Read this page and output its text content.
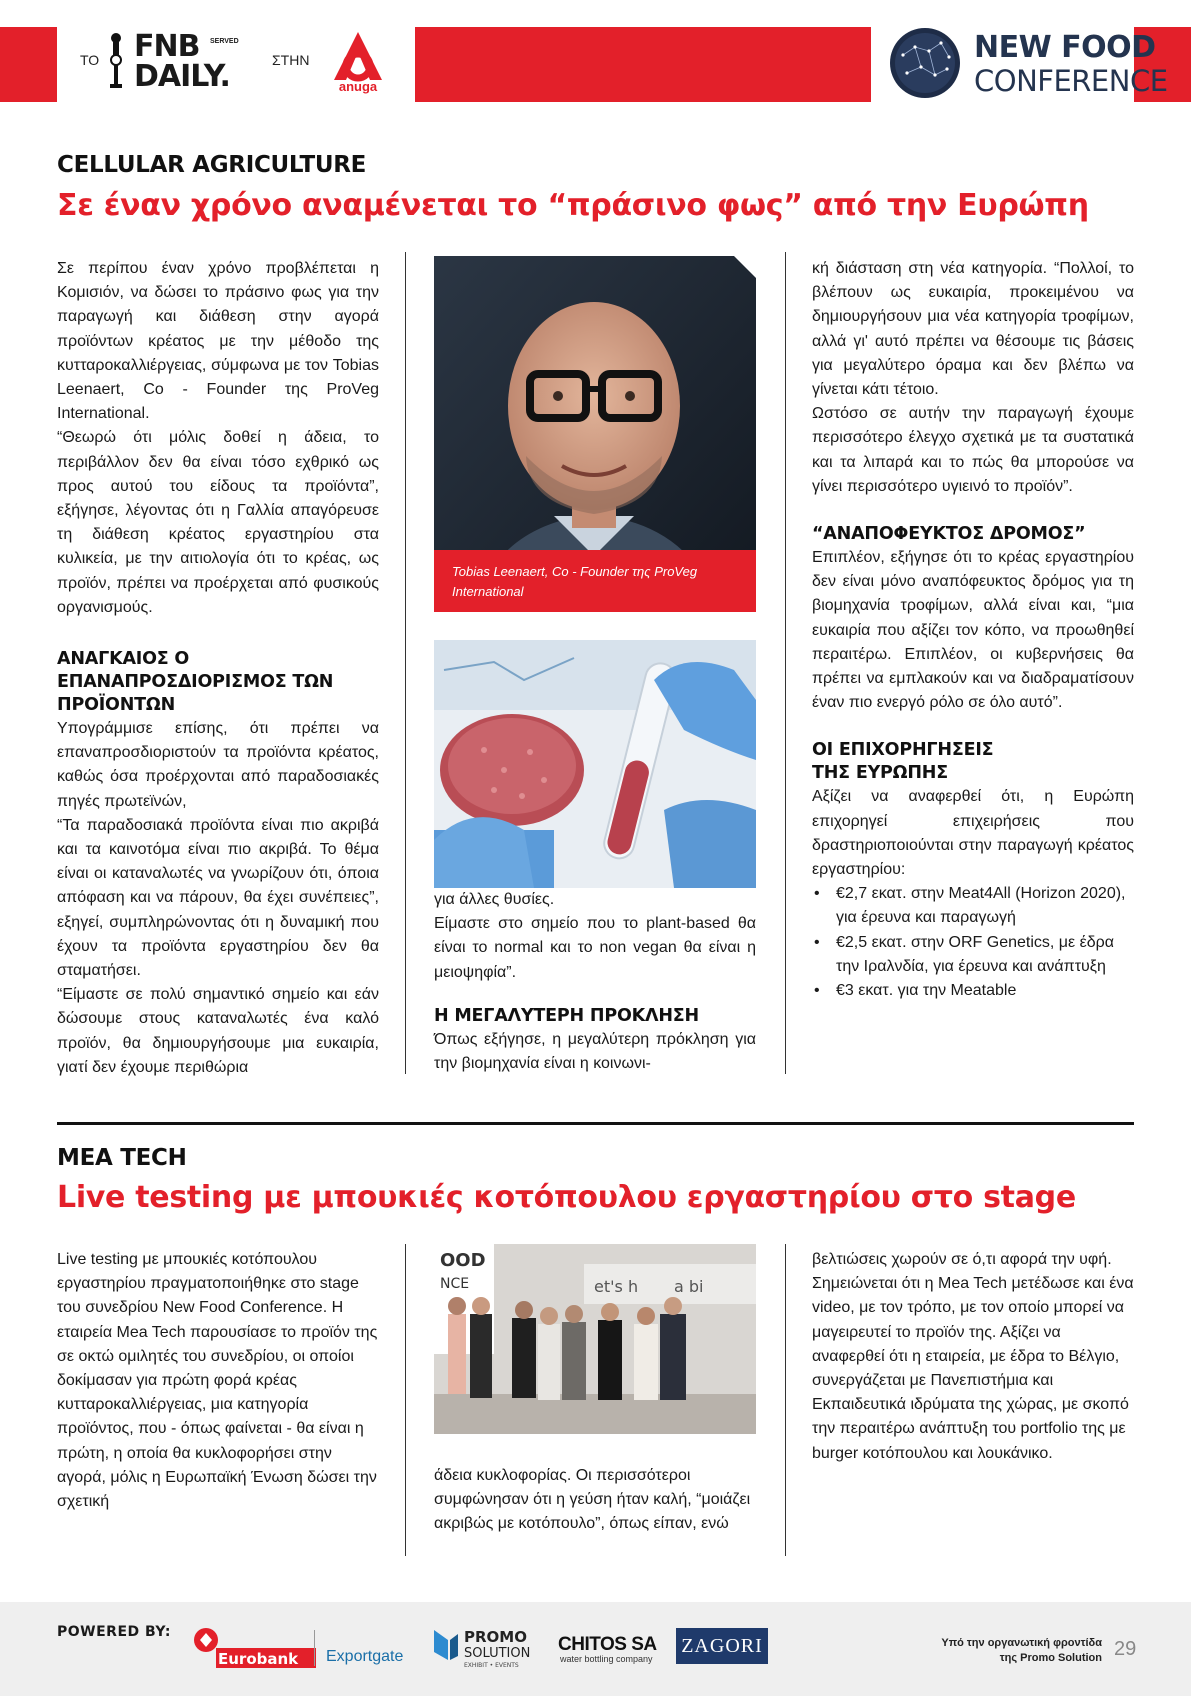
ΤΟ FNB SERVED
DAILY.	ΣΤΗΝ
anuga
NEW FOOD
CONFERENCE
CELLULAR AGRICULTURE
Σε έναν χρόνο αναμένεται το “πράσινο φως” από την Ευρώπη

Σε περίπου έναν χρόνο προβλέπεται η Κομισιόν, να δώσει το πράσινο φως για την παραγωγή και διάθεση στην αγορά προϊόντων κρέατος με την μέθοδο της κυτταροκαλλιέργειας, σύμφωνα με τον Tobias Leenaert, Co - Founder της ProVeg International.

“Θεωρώ ότι μόλις δοθεί η άδεια, το περιβάλλον δεν θα είναι τόσο εχθρικό ως προς αυτού του είδους τα προϊόντα”, εξήγησε, λέγοντας ότι η Γαλλία απαγόρευσε τη διάθεση κρέατος εργαστηρίου στα κυλικεία, με την αιτιολογία ότι το κρέας, ως προϊόν, πρέπει να προέρχεται από φυσικούς οργανισμούς.

ΑΝΑΓΚΑΙΟΣ Ο ΕΠΑΝΑΠΡΟΣΔΙΟΡΙΣΜΟΣ ΤΩΝ ΠΡΟΪΟΝΤΩΝ

Υπογράμμισε επίσης, ότι πρέπει να επαναπροσδιοριστούν τα προϊόντα κρέατος, καθώς όσα προέρχονται από παραδοσιακές πηγές πρωτεϊνών,

“Τα παραδοσιακά προϊόντα είναι πιο ακριβά και τα καινοτόμα είναι πιο ακριβά. Το θέμα είναι οι καταναλωτές να γνωρίζουν ότι, όποια απόφαση και να πάρουν, θα έχει συνέπειες”, εξηγεί, συμπληρώνοντας ότι η δυναμική που έχουν τα προϊόντα εργαστηρίου δεν θα σταματήσει.

“Είμαστε σε πολύ σημαντικό σημείο και εάν δώσουμε στους καταναλωτές ένα καλό προϊόν, θα δημιουργήσουμε μια ευκαιρία, γιατί δεν έχουμε περιθώρια

Tobias Leenaert, Co - Founder της ProVeg International

για άλλες θυσίες.

Είμαστε στο σημείο που το plant-based θα είναι το normal και το non vegan θα είναι η μειοψηφία”.

Η ΜΕΓΑΛΥΤΕΡΗ ΠΡΟΚΛΗΣΗ

Όπως εξήγησε, η μεγαλύτερη πρόκληση για την βιομηχανία είναι η κοινωνι-

κή διάσταση στη νέα κατηγορία. “Πολλοί, το βλέπουν ως ευκαιρία, προκειμένου να δημιουργήσουν μια νέα κατηγορία τροφίμων, αλλά γι' αυτό πρέπει να θέσουμε τις βάσεις για μεγαλύτερο όραμα και δεν βλέπω να γίνεται κάτι τέτοιο.

Ωστόσο σε αυτήν την παραγωγή έχουμε περισσότερο έλεγχο σχετικά με τα συστατικά και τα λιπαρά και το πώς θα μπορούσε να γίνει περισσότερο υγιεινό το προϊόν”.

“ΑΝΑΠΟΦΕΥΚΤΟΣ ΔΡΟΜΟΣ”

Επιπλέον, εξήγησε ότι το κρέας εργαστηρίου δεν είναι μόνο αναπόφευκτος δρόμος για τη βιομηχανία τροφίμων, αλλά είναι και, “μια ευκαιρία που αξίζει τον κόπο, να προωθηθεί περαιτέρω. Επιπλέον, οι κυβερνήσεις θα πρέπει να εμπλακούν και να διαδραματίσουν έναν πιο ενεργό ρόλο σε όλο αυτό”.

ΟΙ ΕΠΙΧΟΡΗΓΗΣΕΙΣ ΤΗΣ ΕΥΡΩΠΗΣ

Αξίζει να αναφερθεί ότι, η Ευρώπη επιχορηγεί επιχειρήσεις που δραστηριοποιούνται στην παραγωγή κρέατος εργαστηρίου:

• €2,7 εκατ. στην Meat4All (Horizon 2020), για έρευνα και παραγωγή
• €2,5 εκατ. στην ORF Genetics, με έδρα την Ιραλνδία, για έρευνα και ανάπτυξη
• €3 εκατ. για την Meatable
MEA TECH
Live testing με μπουκιές κοτόπουλου εργαστηρίου στο stage

Live testing με μπουκιές κοτόπουλου εργαστηρίου πραγματοποιήθηκε στο stage του συνεδρίου New Food Conference. Η εταιρεία Mea Tech παρουσίασε το προϊόν της σε οκτώ ομιλητές του συνεδρίου, οι οποίοι δοκίμασαν για πρώτη φορά κρέας κυτταροκαλλιέργειας, μια κατηγορία προϊόντος, που - όπως φαίνεται - θα είναι η πρώτη, η οποία θα κυκλοφορήσει στην αγορά, μόλις η Ευρωπαϊκή Ένωση δώσει την σχετική

OOD
NCE	et's h a bi

άδεια κυκλοφορίας. Οι περισσότεροι συμφώνησαν ότι η γεύση ήταν καλή, “μοιάζει ακριβώς με κοτόπουλο”, όπως είπαν, ενώ

βελτιώσεις χωρούν σε ό,τι αφορά την υφή. Σημειώνεται ότι η Mea Tech μετέδωσε και ένα video, με τον τρόπο, με τον οποίο μπορεί να μαγειρευτεί το προϊόν της. Αξίζει να αναφερθεί ότι η εταιρεία, με έδρα το Βέλγιο, συνεργάζεται με Πανεπιστήμια και Εκπαιδευτικά ιδρύματα της χώρας, με σκοπό την περαιτέρω ανάπτυξη του portfolio της με burger κοτόπουλου και λουκάνικο.

POWERED BY:
Eurobank Exportgate
PROMO
SOLUTION
EXHIBIT • EVENTS
CHITOS SA
water bottling company
ZAGORI	Υπό την οργανωτική φροντίδα
της Promo Solution 29
